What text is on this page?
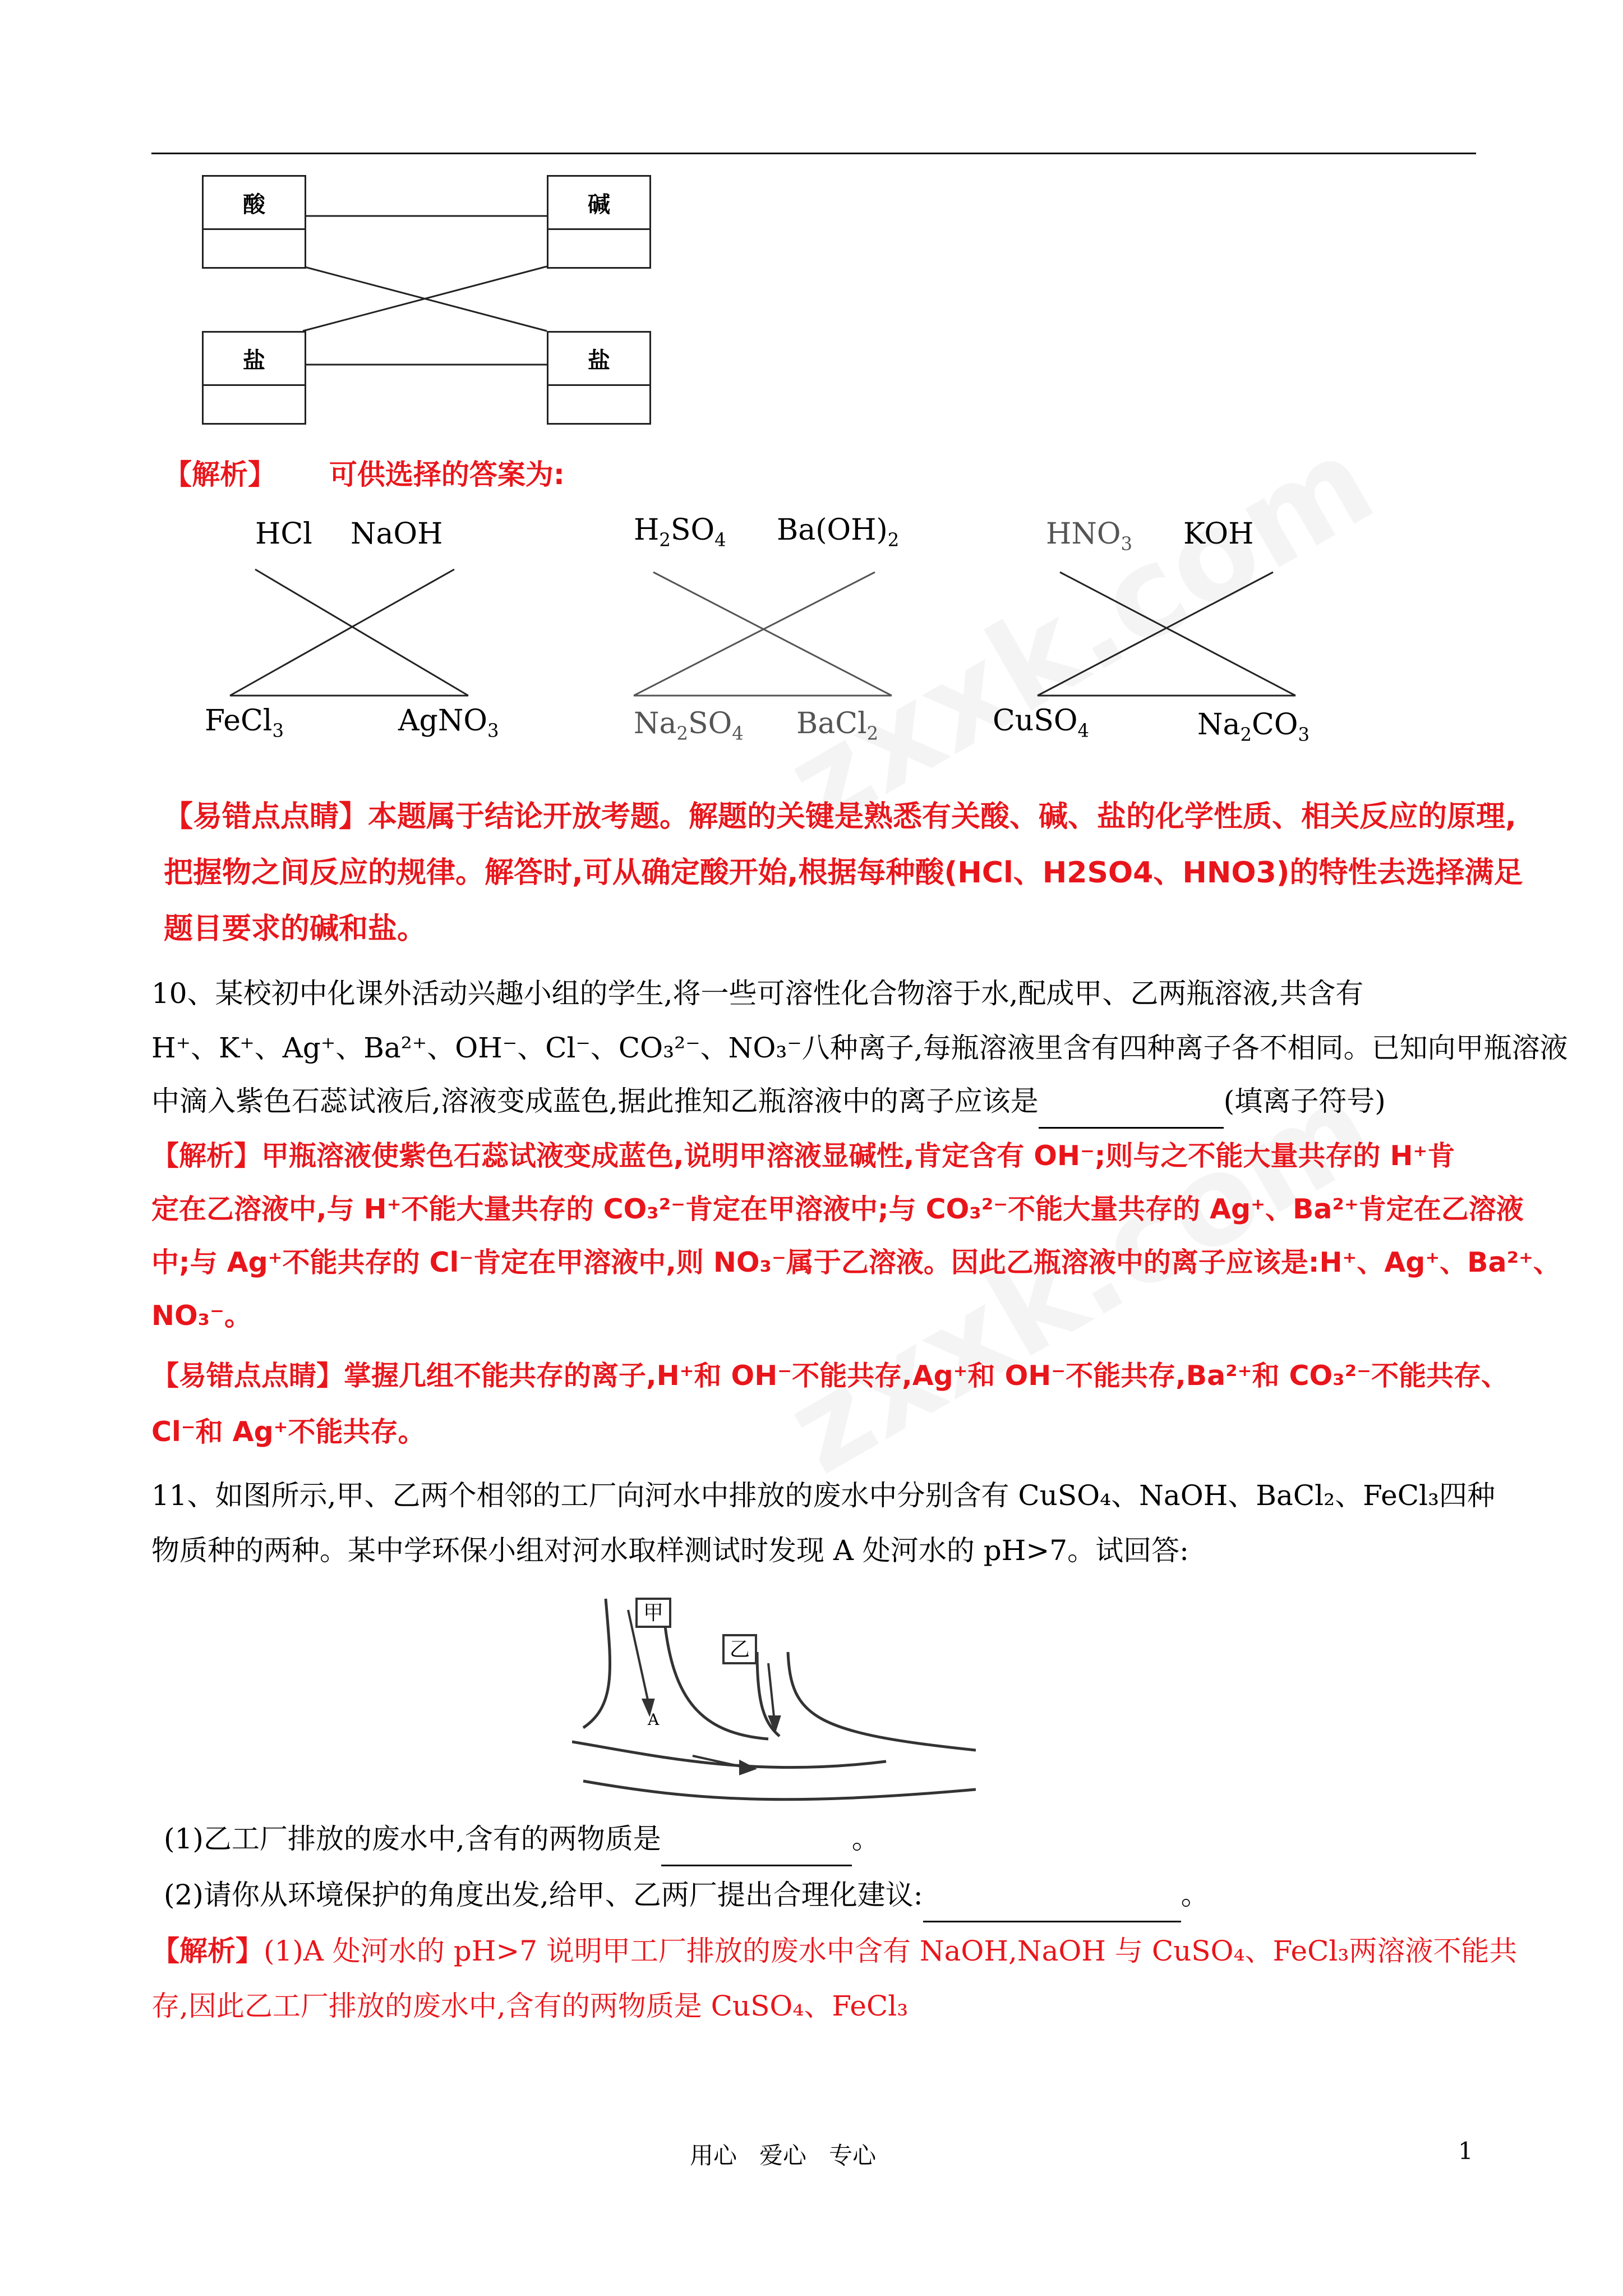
酸	碱
盐	盐
【解析】 可供选择的答案为:
HCl NaOH
FeCl$_3$	AgNO$_3$
$H_2SO_4$ $Ba(OH)_2$
$Na_2SO_4$ BaCl$_2$
$HNO_3$ KOH
CuSO$_4$	$Na_2CO_3$
【易错点点睛】本题属于结论开放考题。解题的关键是熟悉有关酸、碱、盐的化学性质、相关反应的原理,
把握物之间反应的规律。解答时,可从确定酸开始,根据每种酸(HCl、H2SO4、HNO3)的特性去选择满足
题目要求的碱和盐。
10、某校初中化课外活动兴趣小组的学生,将一些可溶性化合物溶于水,配成甲、乙两瓶溶液,共含有
H⁺、K⁺、Ag⁺、Ba²⁺、OH⁻、Cl⁻、CO₃²⁻、NO₃⁻八种离子,每瓶溶液里含有四种离子各不相同。已知向甲瓶溶液
中滴入紫色石蕊试液后,溶液变成蓝色,据此推知乙瓶溶液中的离子应该是	(填离子符号)
【解析】甲瓶溶液使紫色石蕊试液变成蓝色,说明甲溶液显碱性,肯定含有 OH⁻;则与之不能大量共存的 H⁺肯
定在乙溶液中,与 H⁺不能大量共存的 CO₃²⁻肯定在甲溶液中;与 CO₃²⁻不能大量共存的 Ag⁺、Ba²⁺肯定在乙溶液
中;与 Ag⁺不能共存的 Cl⁻肯定在甲溶液中,则 NO₃⁻属于乙溶液。因此乙瓶溶液中的离子应该是:H⁺、Ag⁺、Ba²⁺、
NO₃⁻。
【易错点点睛】掌握几组不能共存的离子,H⁺和 OH⁻不能共存,Ag⁺和 OH⁻不能共存,Ba²⁺和 CO₃²⁻不能共存、
Cl⁻和 Ag⁺不能共存。
11、如图所示,甲、乙两个相邻的工厂向河水中排放的废水中分别含有 CuSO₄、NaOH、BaCl₂、FeCl₃四种
物质种的两种。某中学环保小组对河水取样测试时发现 A 处河水的 pH>7。试回答:
甲
乙
A
(1)乙工厂排放的废水中,含有的两物质是	。
(2)请你从环境保护的角度出发,给甲、乙两厂提出合理化建议:	。
【解析】(1)A 处河水的 pH>7 说明甲工厂排放的废水中含有 NaOH,NaOH 与 CuSO₄、FeCl₃两溶液不能共
存,因此乙工厂排放的废水中,含有的两物质是 CuSO₄、FeCl₃
用心   爱心   专心	1
